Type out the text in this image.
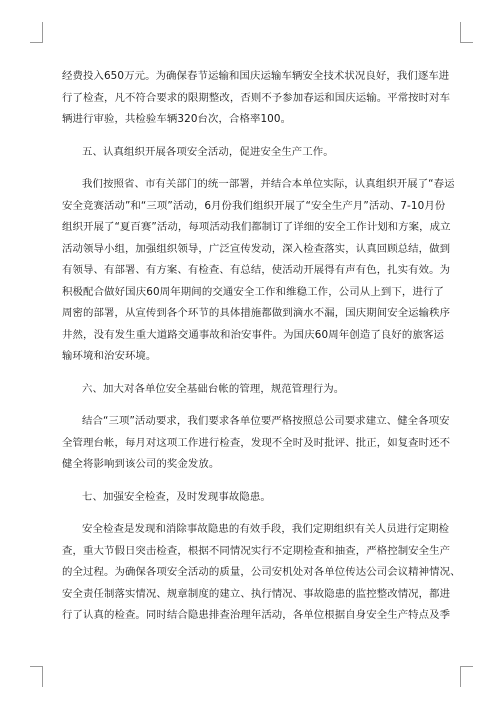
经费投入650万元。为确保春节运输和国庆运输车辆安全技术状况良好，我们逐车进
行了检查，凡不符合要求的限期整改，否则不予参加春运和国庆运输。平常按时对车
辆进行审验，共检验车辆320台次，合格率100。
五、认真组织开展各项安全活动，促进安全生产工作。
我们按照省、市有关部门的统一部署，并结合本单位实际，认真组织开展了“春运
安全竞赛活动”和“三项”活动，6月份我们组织开展了“安全生产月”活动、7-10月份
组织开展了“夏百赛”活动，每项活动我们都制订了详细的安全工作计划和方案，成立
活动领导小组，加强组织领导，广泛宣传发动，深入检查落实，认真回顾总结，做到
有领导、有部署、有方案、有检查、有总结，使活动开展得有声有色，扎实有效。为
积极配合做好国庆60周年期间的交通安全工作和维稳工作，公司从上到下，进行了
周密的部署，从宣传到各个环节的具体措施都做到滴水不漏，国庆期间安全运输秩序
井然，没有发生重大道路交通事故和治安事件。为国庆60周年创造了良好的旅客运
输环境和治安环境。
六、加大对各单位安全基础台帐的管理，规范管理行为。
结合“三项”活动要求，我们要求各单位要严格按照总公司要求建立、健全各项安
全管理台帐，每月对这项工作进行检查，发现不全时及时批评、批正，如复查时还不
健全将影响到该公司的奖金发放。
七、加强安全检查，及时发现事故隐患。
安全检查是发现和消除事故隐患的有效手段，我们定期组织有关人员进行定期检
查，重大节假日突击检查，根据不同情况实行不定期检查和抽查，严格控制安全生产
的全过程。为确保各项安全活动的质量，公司安机处对各单位传达公司会议精神情况、
安全责任制落实情况、规章制度的建立、执行情况、事故隐患的监控整改情况，都进
行了认真的检查。同时结合隐患排查治理年活动，各单位根据自身安全生产特点及季
